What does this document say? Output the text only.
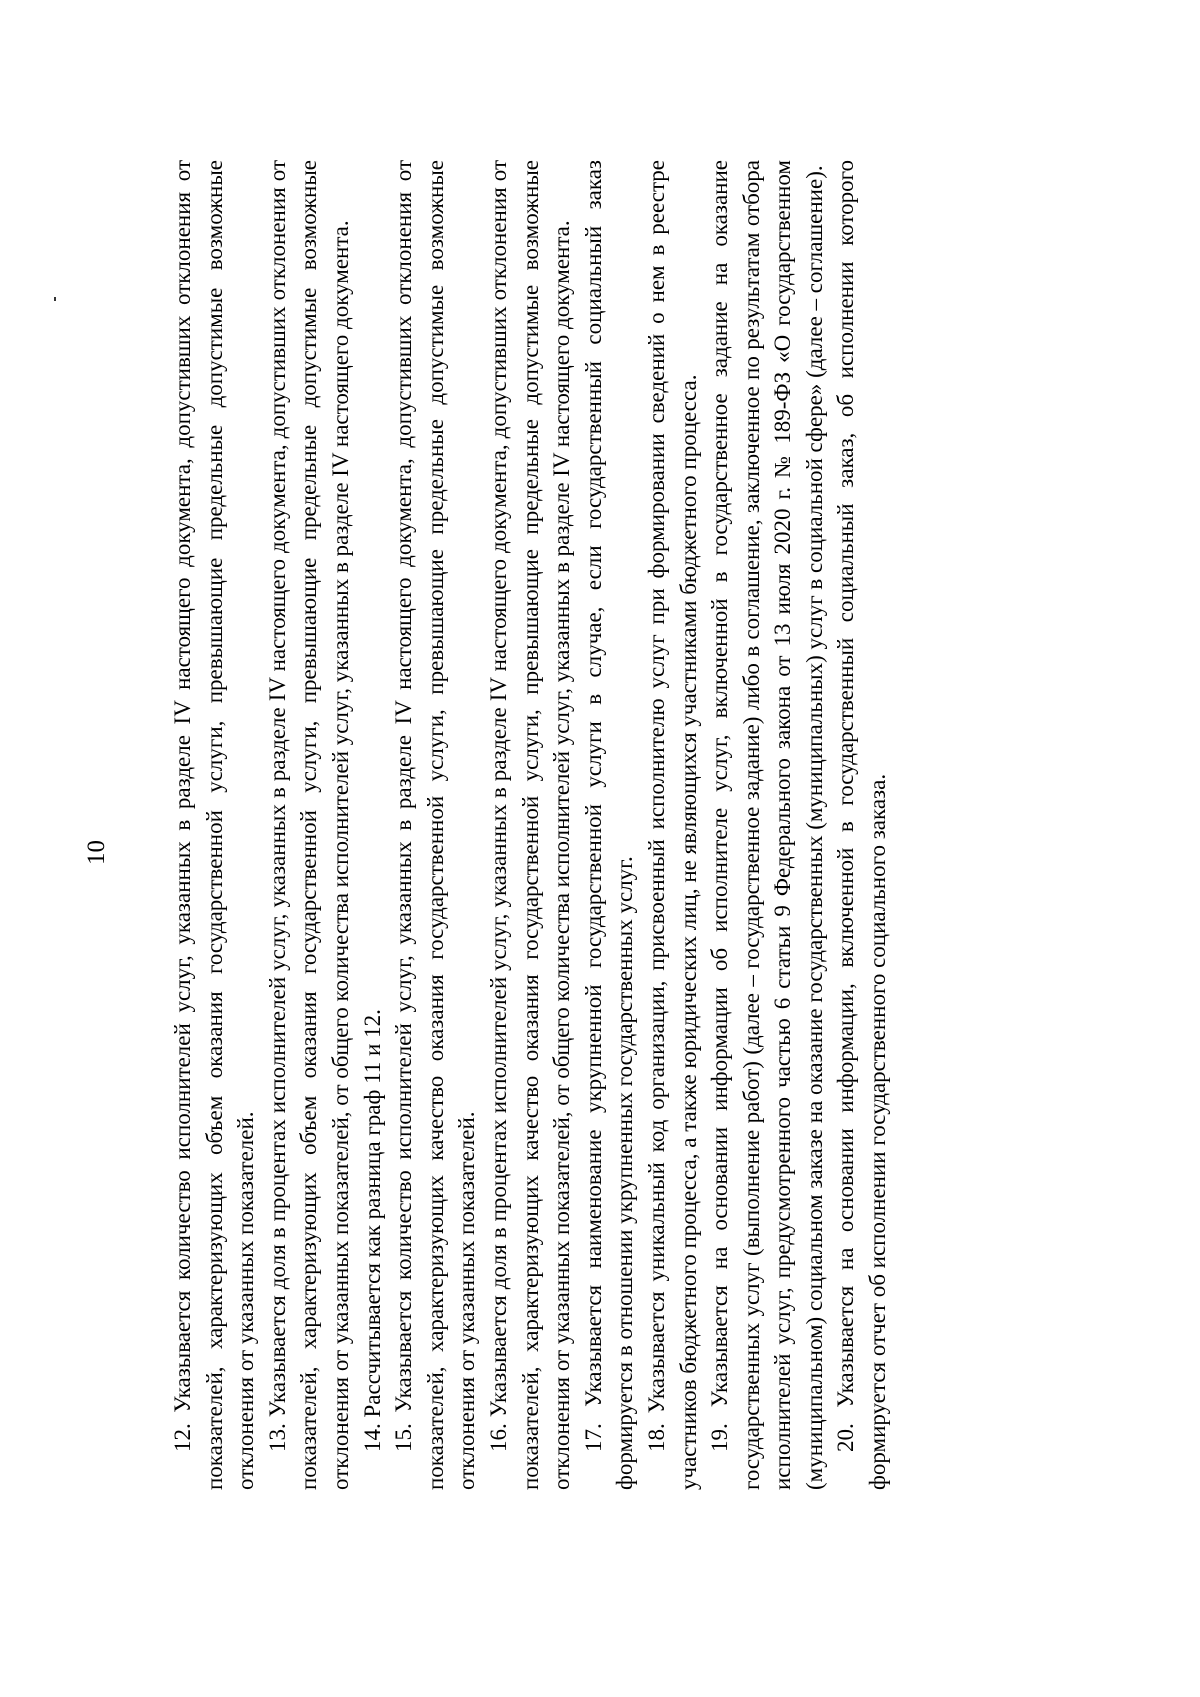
10	12. Указывается количество исполнителей услуг, указанных в разделе IV настоящего документа, допустивших отклонения от показателей, характеризующих объем оказания государственной услуги, превышающие предельные допустимые возможные отклонения от указанных показателей. 13. Указывается доля в процентах исполнителей услуг, указанных в разделе IV настоящего документа, допустивших отклонения от показателей, характеризующих объем оказания государственной услуги, превышающие предельные допустимые возможные отклонения от указанных показателей, от общего количества исполнителей услуг, указанных в разделе IV настоящего документа. 14. Рассчитывается как разница граф 11 и 12. 15. Указывается количество исполнителей услуг, указанных в разделе IV настоящего документа, допустивших отклонения от показателей, характеризующих качество оказания государственной услуги, превышающие предельные допустимые возможные отклонения от указанных показателей. 16. Указывается доля в процентах исполнителей услуг, указанных в разделе IV настоящего документа, допустивших отклонения от показателей, характеризующих качество оказания государственной услуги, превышающие предельные допустимые возможные отклонения от указанных показателей, от общего количества исполнителей услуг, указанных в разделе IV настоящего документа. 17. Указывается наименование укрупненной государственной услуги в случае, если государственный социальный заказ формируется в отношении укрупненных государственных услуг. 18. Указывается уникальный код организации, присвоенный исполнителю услуг при формировании сведений о нем в реестре участников бюджетного процесса, а также юридических лиц, не являющихся участниками бюджетного процесса. 19. Указывается на основании информации об исполнителе услуг, включенной в государственное задание на оказание государственных услуг (выполнение работ) (далее – государственное задание) либо в соглашение, заключенное по результатам отбора исполнителей услуг, предусмотренного частью 6 статьи 9 Федерального закона от 13 июля 2020 г. № 189-ФЗ «О государственном (муниципальном) социальном заказе на оказание государственных (муниципальных) услуг в социальной сфере» (далее – соглашение). 20. Указывается на основании информации, включенной в государственный социальный заказ, об исполнении которого формируется отчет об исполнении государственного социального заказа.
